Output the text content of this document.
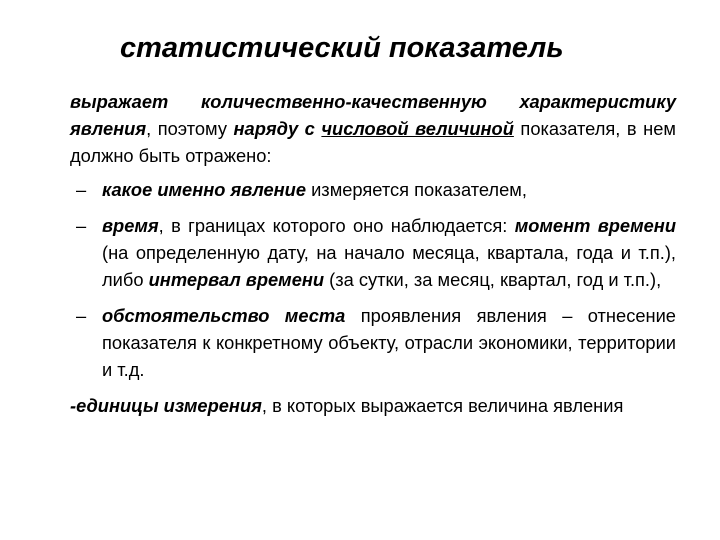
статистический показатель

выражает количественно-качественную характеристику явления, поэтому наряду с числовой величиной показателя, в нем должно быть отражено:

– какое именно явление измеряется показателем,
– время, в границах которого оно наблюдается: момент времени (на определенную дату, на начало месяца, квартала, года и т.п.), либо интервал времени (за сутки, за месяц, квартал, год и т.п.),
– обстоятельство места проявления явления – отнесение показателя к конкретному объекту, отрасли экономики, территории и т.д.

-единицы измерения, в которых выражается величина явления
